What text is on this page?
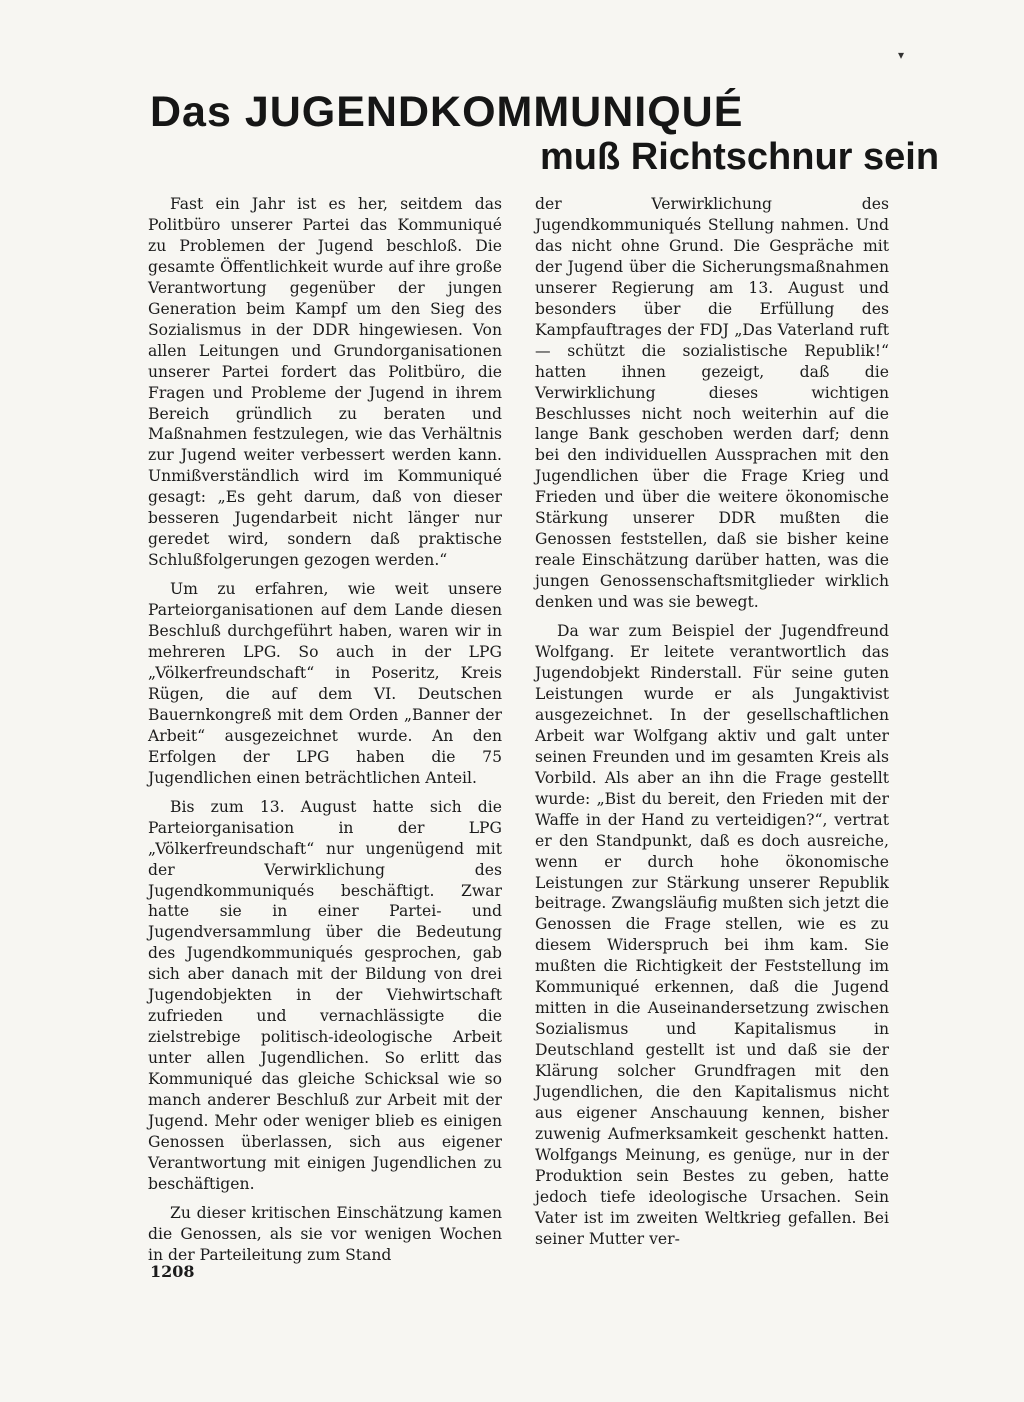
▾
Das JUGENDKOMMUNIQUÉ
muß Richtschnur sein

Fast ein Jahr ist es her, seitdem das Politbüro unserer Partei das Kommuniqué zu Problemen der Jugend beschloß. Die gesamte Öffentlichkeit wurde auf ihre große Verantwortung gegenüber der jungen Generation beim Kampf um den Sieg des Sozialismus in der DDR hingewiesen. Von allen Leitungen und Grundorganisationen unserer Partei fordert das Politbüro, die Fragen und Probleme der Jugend in ihrem Bereich gründlich zu beraten und Maßnahmen festzulegen, wie das Verhältnis zur Jugend weiter verbessert werden kann. Unmißverständlich wird im Kommuniqué gesagt: „Es geht darum, daß von dieser besseren Jugendarbeit nicht länger nur geredet wird, sondern daß praktische Schlußfolgerungen gezogen werden.“

Um zu erfahren, wie weit unsere Parteiorganisationen auf dem Lande diesen Beschluß durchgeführt haben, waren wir in mehreren LPG. So auch in der LPG „Völkerfreundschaft“ in Poseritz, Kreis Rügen, die auf dem VI. Deutschen Bauernkongreß mit dem Orden „Banner der Arbeit“ ausgezeichnet wurde. An den Erfolgen der LPG haben die 75 Jugendlichen einen beträchtlichen Anteil.

Bis zum 13. August hatte sich die Parteiorganisation in der LPG „Völkerfreundschaft“ nur ungenügend mit der Verwirklichung des Jugendkommuniqués beschäftigt. Zwar hatte sie in einer Partei- und Jugendversammlung über die Bedeutung des Jugendkommuniqués gesprochen, gab sich aber danach mit der Bildung von drei Jugendobjekten in der Viehwirtschaft zufrieden und vernachlässigte die zielstrebige politisch-ideologische Arbeit unter allen Jugendlichen. So erlitt das Kommuniqué das gleiche Schicksal wie so manch anderer Beschluß zur Arbeit mit der Jugend. Mehr oder weniger blieb es einigen Genossen überlassen, sich aus eigener Verantwortung mit einigen Jugendlichen zu beschäftigen.

Zu dieser kritischen Einschätzung kamen die Genossen, als sie vor wenigen Wochen in der Parteileitung zum Stand

der Verwirklichung des Jugendkommuniqués Stellung nahmen. Und das nicht ohne Grund. Die Gespräche mit der Jugend über die Sicherungsmaßnahmen unserer Regierung am 13. August und besonders über die Erfüllung des Kampfauftrages der FDJ „Das Vaterland ruft — schützt die sozialistische Republik!“ hatten ihnen gezeigt, daß die Verwirklichung dieses wichtigen Beschlusses nicht noch weiterhin auf die lange Bank geschoben werden darf; denn bei den individuellen Aussprachen mit den Jugendlichen über die Frage Krieg und Frieden und über die weitere ökonomische Stärkung unserer DDR mußten die Genossen feststellen, daß sie bisher keine reale Einschätzung darüber hatten, was die jungen Genossenschaftsmitglieder wirklich denken und was sie bewegt.

Da war zum Beispiel der Jugendfreund Wolfgang. Er leitete verantwortlich das Jugendobjekt Rinderstall. Für seine guten Leistungen wurde er als Jungaktivist ausgezeichnet. In der gesellschaftlichen Arbeit war Wolfgang aktiv und galt unter seinen Freunden und im gesamten Kreis als Vorbild. Als aber an ihn die Frage gestellt wurde: „Bist du bereit, den Frieden mit der Waffe in der Hand zu verteidigen?“, vertrat er den Standpunkt, daß es doch ausreiche, wenn er durch hohe ökonomische Leistungen zur Stärkung unserer Republik beitrage. Zwangsläufig mußten sich jetzt die Genossen die Frage stellen, wie es zu diesem Widerspruch bei ihm kam. Sie mußten die Richtigkeit der Feststellung im Kommuniqué erkennen, daß die Jugend mitten in die Auseinandersetzung zwischen Sozialismus und Kapitalismus in Deutschland gestellt ist und daß sie der Klärung solcher Grundfragen mit den Jugendlichen, die den Kapitalismus nicht aus eigener Anschauung kennen, bisher zuwenig Aufmerksamkeit geschenkt hatten. Wolfgangs Meinung, es genüge, nur in der Produktion sein Bestes zu geben, hatte jedoch tiefe ideologische Ursachen. Sein Vater ist im zweiten Weltkrieg gefallen. Bei seiner Mutter ver-

1208
